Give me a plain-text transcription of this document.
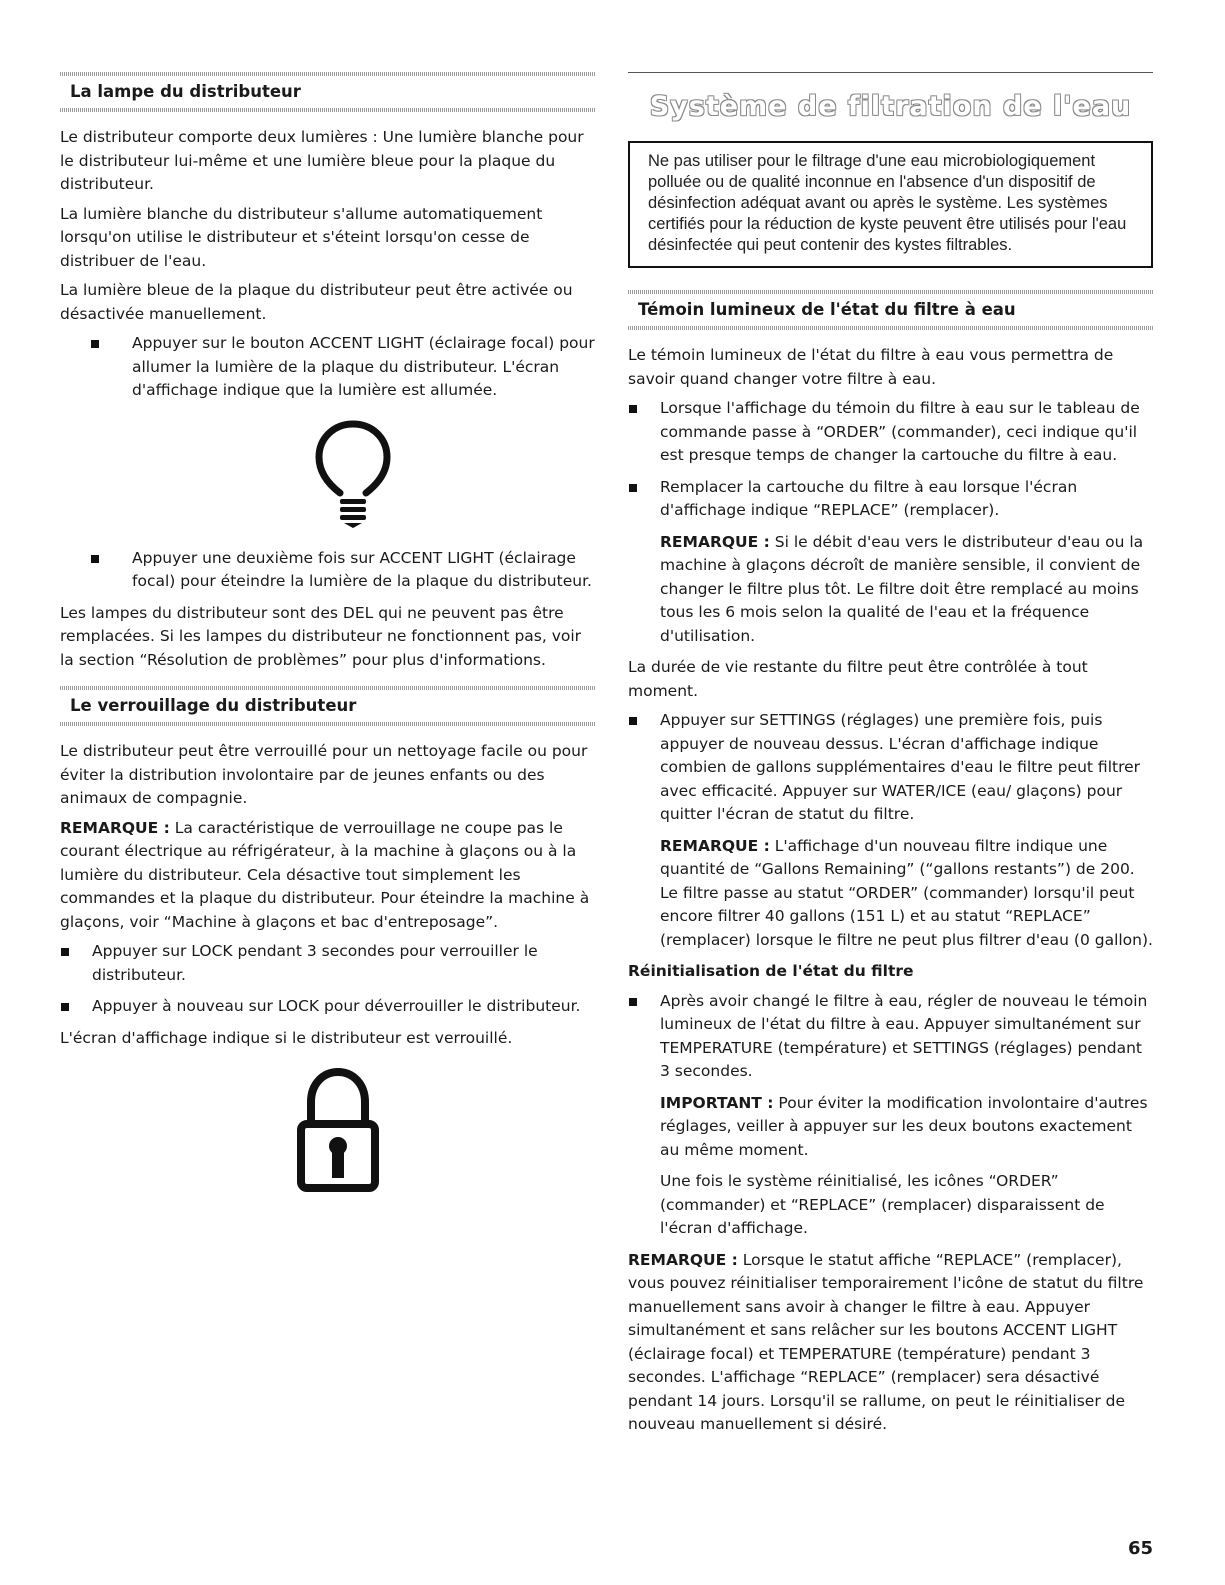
La lampe du distributeur

Le distributeur comporte deux lumières : Une lumière blanche pour le distributeur lui-même et une lumière bleue pour la plaque du distributeur.

La lumière blanche du distributeur s'allume automatiquement lorsqu'on utilise le distributeur et s'éteint lorsqu'on cesse de distribuer de l'eau.

La lumière bleue de la plaque du distributeur peut être activée ou désactivée manuellement.

Appuyer sur le bouton ACCENT LIGHT (éclairage focal) pour allumer la lumière de la plaque du distributeur. L'écran d'affichage indique que la lumière est allumée.
Appuyer une deuxième fois sur ACCENT LIGHT (éclairage focal) pour éteindre la lumière de la plaque du distributeur.

Les lampes du distributeur sont des DEL qui ne peuvent pas être remplacées. Si les lampes du distributeur ne fonctionnent pas, voir la section “Résolution de problèmes” pour plus d'informations.

Le verrouillage du distributeur

Le distributeur peut être verrouillé pour un nettoyage facile ou pour éviter la distribution involontaire par de jeunes enfants ou des animaux de compagnie.

REMARQUE : La caractéristique de verrouillage ne coupe pas le courant électrique au réfrigérateur, à la machine à glaçons ou à la lumière du distributeur. Cela désactive tout simplement les commandes et la plaque du distributeur. Pour éteindre la machine à glaçons, voir “Machine à glaçons et bac d'entreposage”.

Appuyer sur LOCK pendant 3 secondes pour verrouiller le distributeur.
Appuyer à nouveau sur LOCK pour déverrouiller le distributeur.

L'écran d'affichage indique si le distributeur est verrouillé.

Système de filtration de l'eau
Ne pas utiliser pour le filtrage d'une eau microbiologiquement polluée ou de qualité inconnue en l'absence d'un dispositif de désinfection adéquat avant ou après le système. Les systèmes certifiés pour la réduction de kyste peuvent être utilisés pour l'eau désinfectée qui peut contenir des kystes filtrables.
Témoin lumineux de l'état du filtre à eau

Le témoin lumineux de l'état du filtre à eau vous permettra de savoir quand changer votre filtre à eau.

Lorsque l'affichage du témoin du filtre à eau sur le tableau de commande passe à “ORDER” (commander), ceci indique qu'il est presque temps de changer la cartouche du filtre à eau.
Remplacer la cartouche du filtre à eau lorsque l'écran d'affichage indique “REPLACE” (remplacer).

REMARQUE : Si le débit d'eau vers le distributeur d'eau ou la machine à glaçons décroît de manière sensible, il convient de changer le filtre plus tôt. Le filtre doit être remplacé au moins tous les 6 mois selon la qualité de l'eau et la fréquence d'utilisation.

La durée de vie restante du filtre peut être contrôlée à tout moment.

Appuyer sur SETTINGS (réglages) une première fois, puis appuyer de nouveau dessus. L'écran d'affichage indique combien de gallons supplémentaires d'eau le filtre peut filtrer avec efficacité. Appuyer sur WATER/ICE (eau/ glaçons) pour quitter l'écran de statut du filtre.

REMARQUE : L'affichage d'un nouveau filtre indique une quantité de “Gallons Remaining” (“gallons restants”) de 200. Le filtre passe au statut “ORDER” (commander) lorsqu'il peut encore filtrer 40 gallons (151 L) et au statut “REPLACE” (remplacer) lorsque le filtre ne peut plus filtrer d'eau (0 gallon).

Réinitialisation de l'état du filtre
Après avoir changé le filtre à eau, régler de nouveau le témoin lumineux de l'état du filtre à eau. Appuyer simultanément sur TEMPERATURE (température) et SETTINGS (réglages) pendant 3 secondes.

IMPORTANT : Pour éviter la modification involontaire d'autres réglages, veiller à appuyer sur les deux boutons exactement au même moment.

Une fois le système réinitialisé, les icônes “ORDER” (commander) et “REPLACE” (remplacer) disparaissent de l'écran d'affichage.

REMARQUE : Lorsque le statut affiche “REPLACE” (remplacer), vous pouvez réinitialiser temporairement l'icône de statut du filtre manuellement sans avoir à changer le filtre à eau. Appuyer simultanément et sans relâcher sur les boutons ACCENT LIGHT (éclairage focal) et TEMPERATURE (température) pendant 3 secondes. L'affichage “REPLACE” (remplacer) sera désactivé pendant 14 jours. Lorsqu'il se rallume, on peut le réinitialiser de nouveau manuellement si désiré.

65
